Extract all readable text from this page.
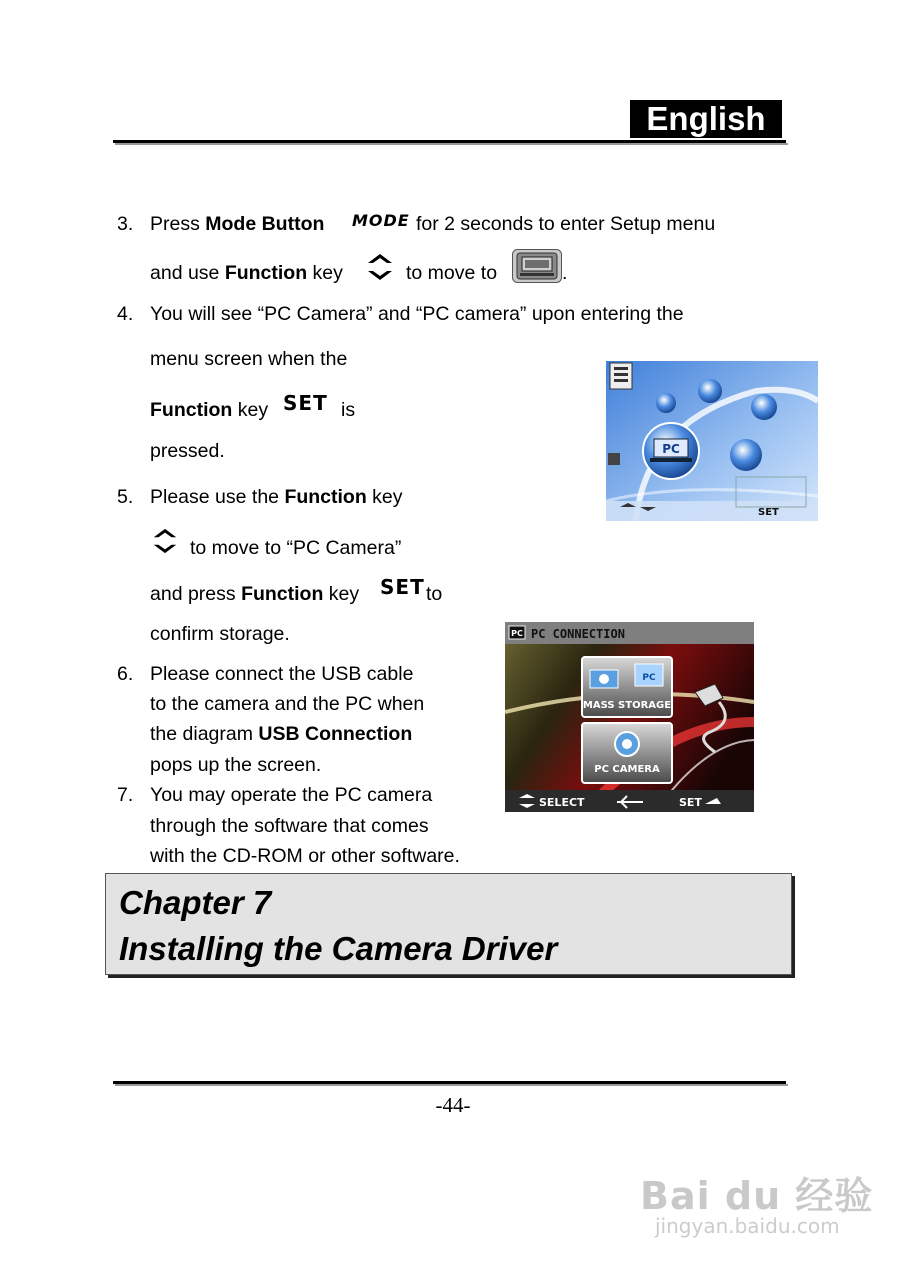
English
3. Press Mode Button MODE for 2 seconds to enter Setup menu
and use Function key	to move to	.
4. You will see “PC Camera” and “PC camera” upon entering the
menu screen when the
Function key SET is
pressed.	PC
SET
5. Please use the Function key
to move to “PC Camera”
and press Function key SET to
confirm storage.	PC PC CONNECTION
PC
MASS STORAGE
PC CAMERA
SELECT	SET
6. Please connect the USB cable
to the camera and the PC when
the diagram USB Connection
pops up the screen.
7. You may operate the PC camera
through the software that comes
with the CD-ROM or other software.
Chapter 7
Installing the Camera Driver
-44-
Bai du 经验
jingyan.baidu.com
